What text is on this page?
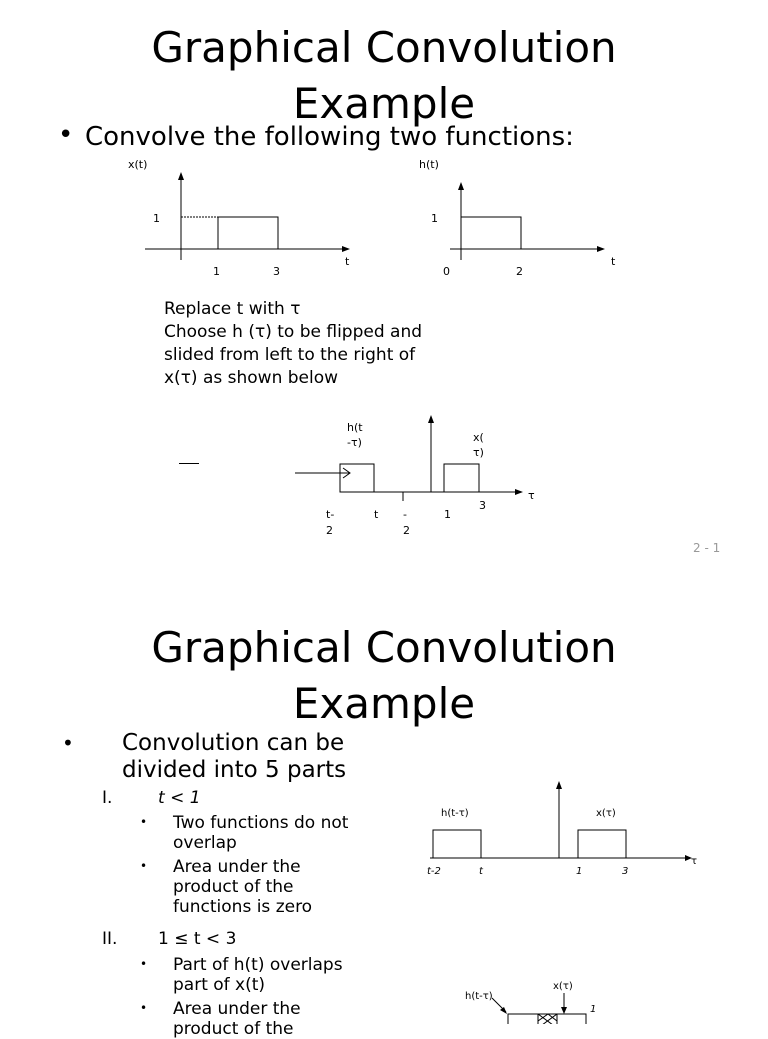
Graphical Convolution
Example
• Convolve the following two functions:
x(t)
1
t
1	3
h(t)
1
t
0	2
Replace t with τ
Choose h (τ) to be flipped and
slided from left to the right of
x(τ) as shown below
h(t
-τ)	x(
τ)
τ
t-
2
t -
2
1
3
2 - 1
Graphical Convolution
Example
• Convolution can be
divided into 5 parts
I.	t < 1
• Two functions do not
overlap
• Area under the
product of the
functions is zero
II. 1 ≤ t < 3
• Part of h(t) overlaps
part of x(t)
• Area under the
product of the
h(t-τ)	x(τ)
τ
t-2	t	1	3
h(t-τ)
x(τ)
1
